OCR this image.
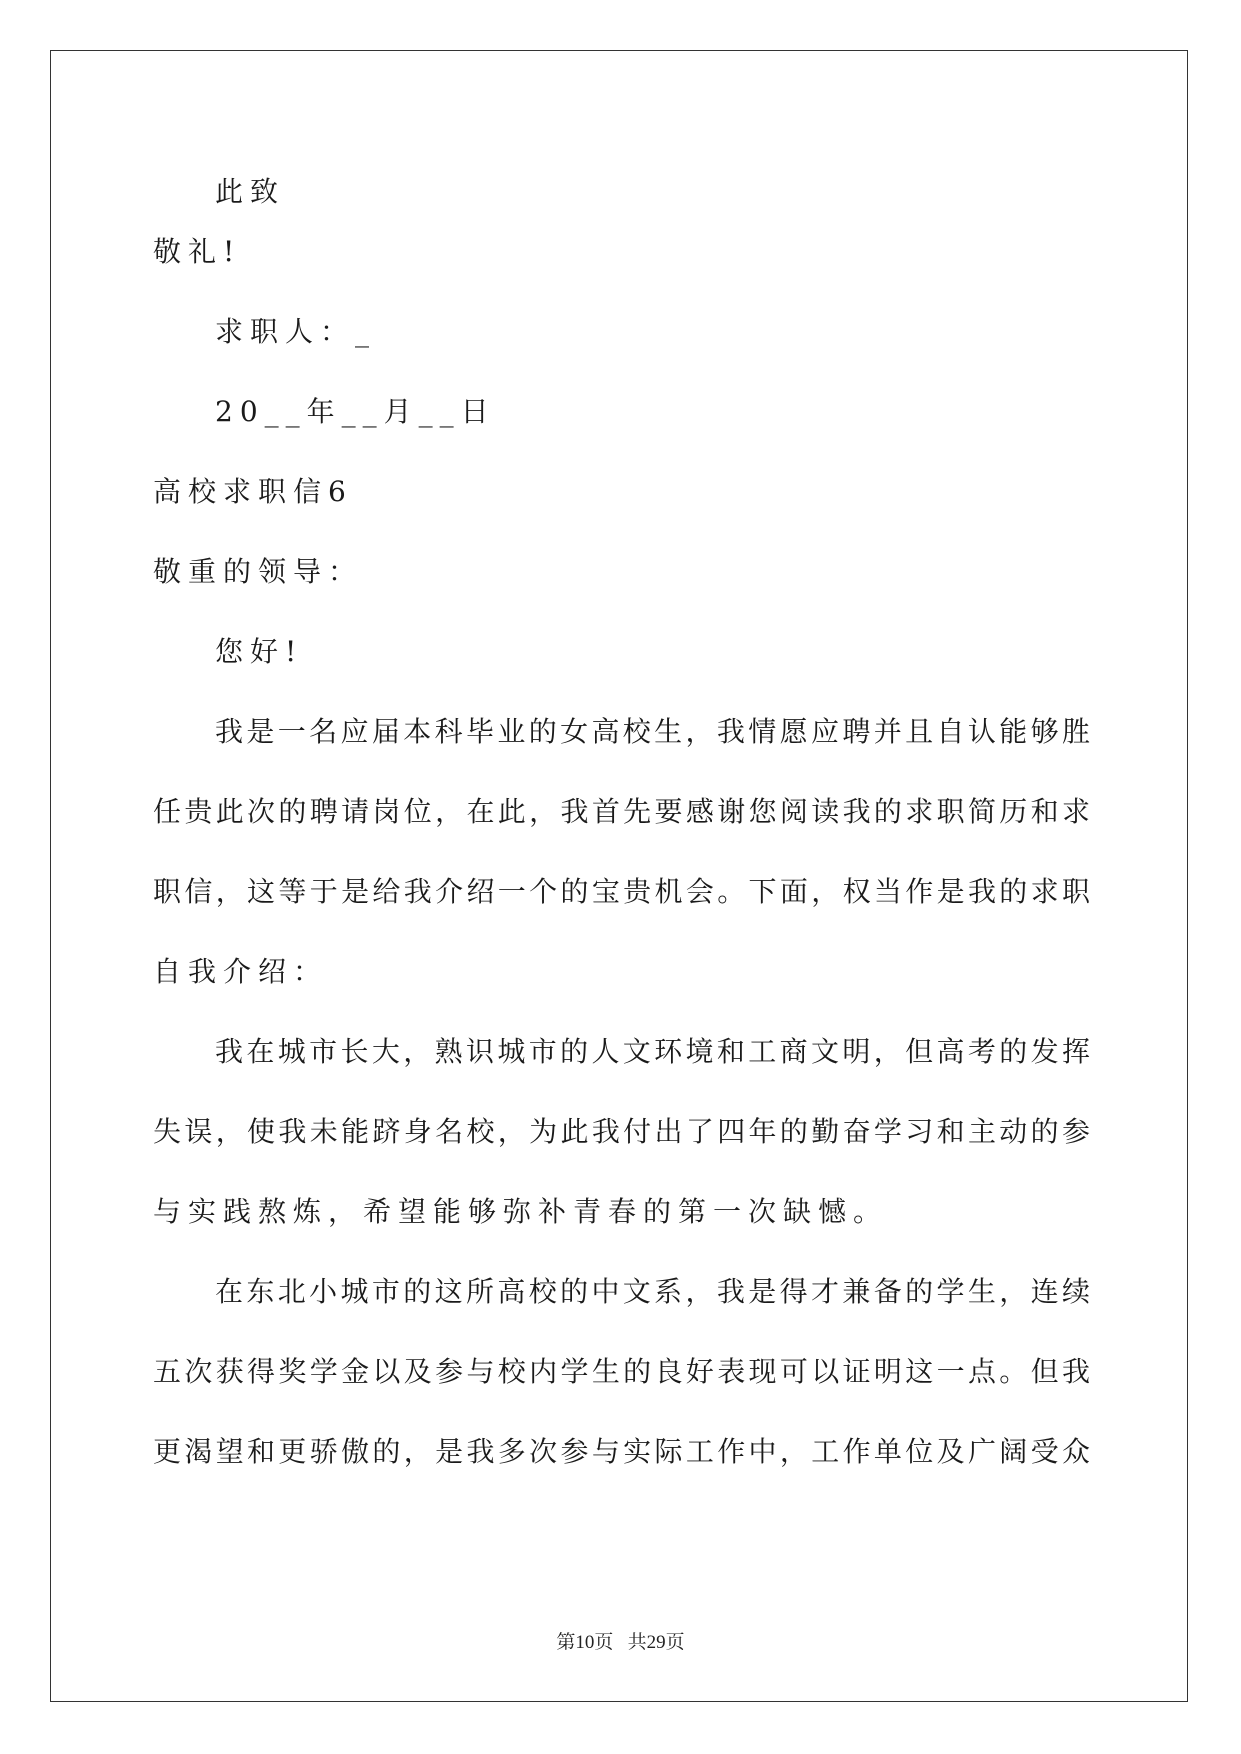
此致
敬礼!
求职人：_
20__年__月__日
高校求职信6
敬重的领导：
您好!
我是一名应届本科毕业的女高校生，我情愿应聘并且自认能够胜
任贵此次的聘请岗位，在此，我首先要感谢您阅读我的求职简历和求
职信，这等于是给我介绍一个的宝贵机会。下面，权当作是我的求职
自我介绍：
我在城市长大，熟识城市的人文环境和工商文明，但高考的发挥
失误，使我未能跻身名校，为此我付出了四年的勤奋学习和主动的参
与实践熬炼，希望能够弥补青春的第一次缺憾。
在东北小城市的这所高校的中文系，我是得才兼备的学生，连续
五次获得奖学金以及参与校内学生的良好表现可以证明这一点。但我
更渴望和更骄傲的，是我多次参与实际工作中，工作单位及广阔受众
第10页   共29页
